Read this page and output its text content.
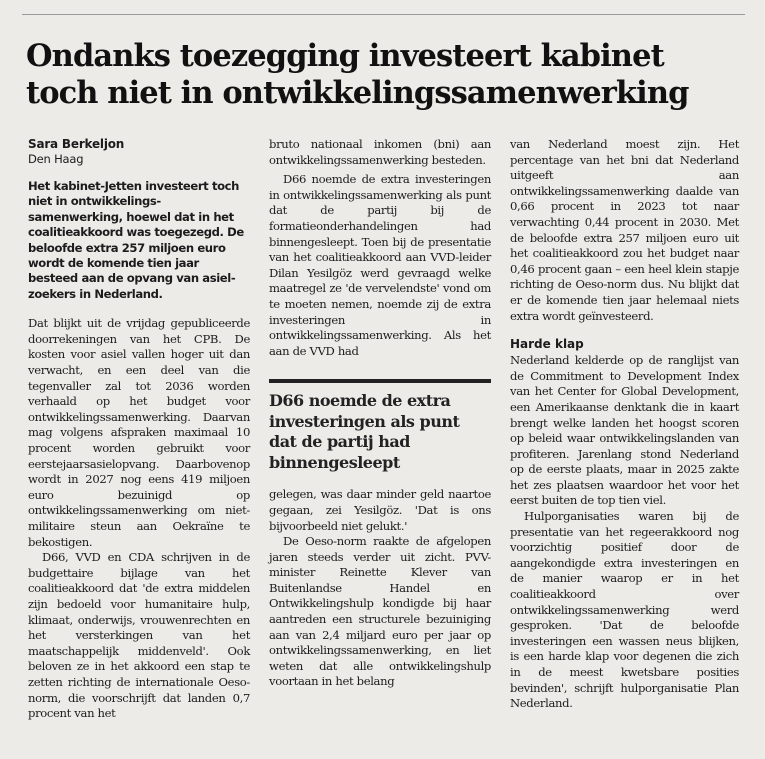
Ondanks toezegging investeert kabinet toch niet in ontwikkelingssamenwerking
Sara Berkeljon
Den Haag
Het kabinet-Jetten investeert toch niet in ontwikkelingssamenwerking, hoewel dat in het coalitieakkoord was toegezegd. De beloofde extra 257 miljoen euro wordt de komende tien jaar besteed aan de opvang van asielzoekers in Nederland.

Dat blijkt uit de vrijdag gepubliceerde doorrekeningen van het CPB. De kosten voor asiel vallen hoger uit dan verwacht, en een deel van die tegenvaller zal tot 2036 worden verhaald op het budget voor ontwikkelingssamenwerking. Daarvan mag volgens afspraken maximaal 10 procent worden gebruikt voor eerstejaarsasielopvang. Daarbovenop wordt in 2027 nog eens 419 miljoen euro bezuinigd op ontwikkelingssamenwerking om niet-militaire steun aan Oekraïne te bekostigen.

D66, VVD en CDA schrijven in de budgettaire bijlage van het coalitieakkoord dat 'de extra middelen zijn bedoeld voor humanitaire hulp, klimaat, onderwijs, vrouwenrechten en het versterkingen van het maatschappelijk middenveld'. Ook beloven ze in het akkoord een stap te zetten richting de internationale Oeso-norm, die voorschrijft dat landen 0,7 procent van het

bruto nationaal inkomen (bni) aan ontwikkelingssamenwerking besteden.

D66 noemde de extra investeringen in ontwikkelingssamenwerking als punt dat de partij bij de formatieonderhandelingen had binnengesleept. Toen bij de presentatie van het coalitieakkoord aan VVD-leider Dilan Yesilgöz werd gevraagd welke maatregel ze 'de vervelendste' vond om te moeten nemen, noemde zij de extra investeringen in ontwikkelingssamenwerking. Als het aan de VVD had

D66 noemde de extra investeringen als punt dat de partij had binnengesleept

gelegen, was daar minder geld naartoe gegaan, zei Yesilgöz. 'Dat is ons bijvoorbeeld niet gelukt.'

De Oeso-norm raakte de afgelopen jaren steeds verder uit zicht. PVV-minister Reinette Klever van Buitenlandse Handel en Ontwikkelingshulp kondigde bij haar aantreden een structurele bezuiniging aan van 2,4 miljard euro per jaar op ontwikkelingssamenwerking, en liet weten dat alle ontwikkelingshulp voortaan in het belang

van Nederland moest zijn. Het percentage van het bni dat Nederland uitgeeft aan ontwikkelingssamenwerking daalde van 0,66 procent in 2023 tot naar verwachting 0,44 procent in 2030. Met de beloofde extra 257 miljoen euro uit het coalitieakkoord zou het budget naar 0,46 procent gaan – een heel klein stapje richting de Oeso-norm dus. Nu blijkt dat er de komende tien jaar helemaal niets extra wordt geïnvesteerd.

Harde klap

Nederland kelderde op de ranglijst van de Commitment to Development Index van het Center for Global Development, een Amerikaanse denktank die in kaart brengt welke landen het hoogst scoren op beleid waar ontwikkelingslanden van profiteren. Jarenlang stond Nederland op de eerste plaats, maar in 2025 zakte het zes plaatsen waardoor het voor het eerst buiten de top tien viel.

Hulporganisaties waren bij de presentatie van het regeerakkoord nog voorzichtig positief door de aangekondigde extra investeringen en de manier waarop er in het coalitieakkoord over ontwikkelingssamenwerking werd gesproken. 'Dat de beloofde investeringen een wassen neus blijken, is een harde klap voor degenen die zich in de meest kwetsbare posities bevinden', schrijft hulporganisatie Plan Nederland.
